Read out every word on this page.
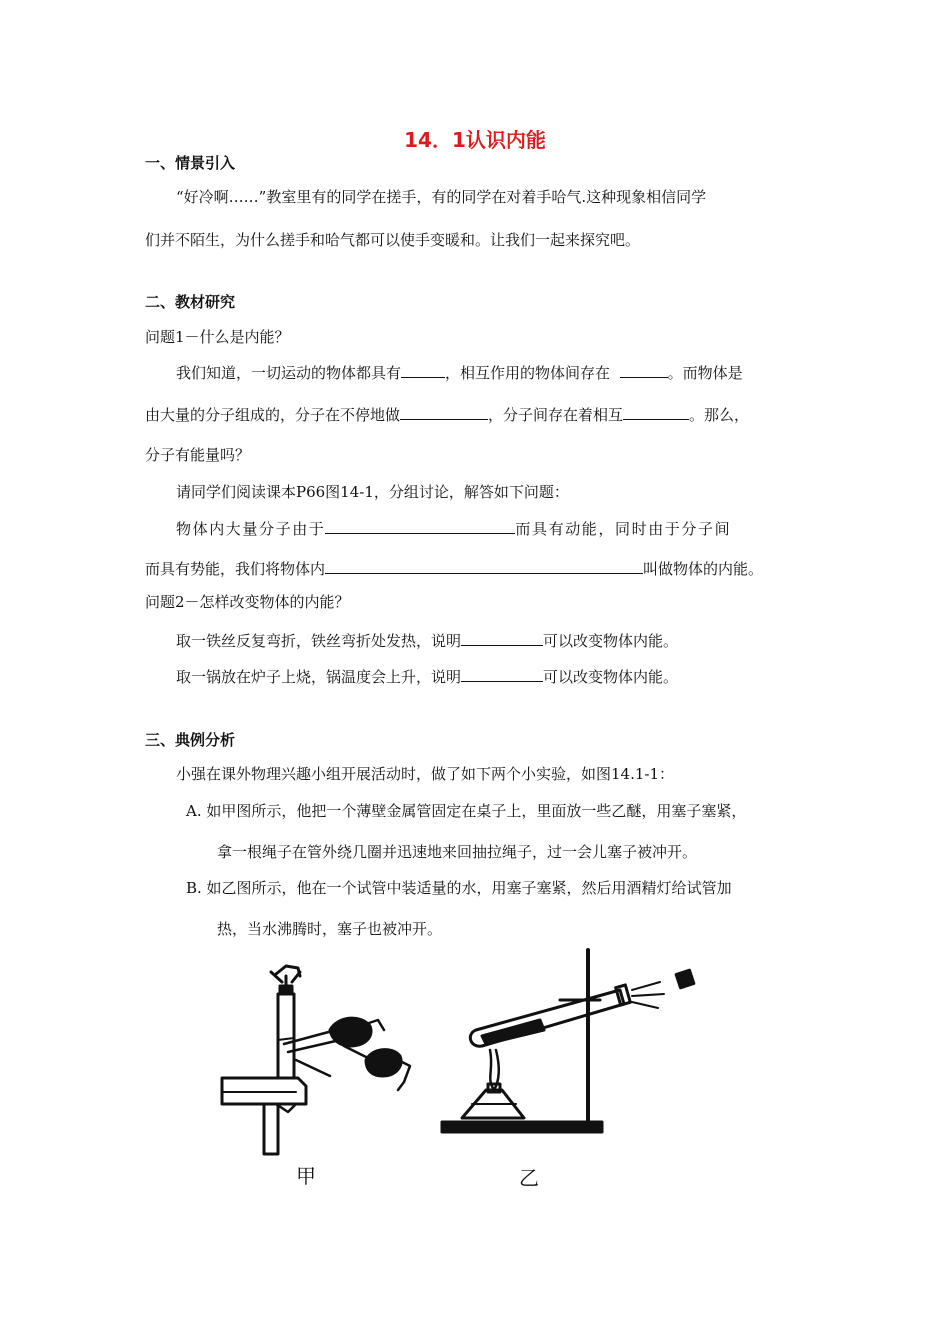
14．1认识内能
一、情景引入
“好冷啊……”教室里有的同学在搓手，有的同学在对着手哈气.这种现象相信同学
们并不陌生，为什么搓手和哈气都可以使手变暖和。让我们一起来探究吧。
二、教材研究
问题1－什么是内能？
我们知道，一切运动的物体都具有	，相互作用的物体间存在	。而物体是
由大量的分子组成的，分子在不停地做	，分子间存在着相互	。那么，
分子有能量吗？
请同学们阅读课本P66图14-1，分组讨论，解答如下问题：
物体内大量分子由于	而具有动能，同时由于分子间
而具有势能，我们将物体内	叫做物体的内能。
问题2－怎样改变物体的内能？
取一铁丝反复弯折，铁丝弯折处发热，说明	可以改变物体内能。
取一锅放在炉子上烧，锅温度会上升，说明	可以改变物体内能。
三、典例分析
小强在课外物理兴趣小组开展活动时，做了如下两个小实验，如图14.1-1：
A. 如甲图所示，他把一个薄壁金属管固定在桌子上，里面放一些乙醚，用塞子塞紧，
拿一根绳子在管外绕几圈并迅速地来回抽拉绳子，过一会儿塞子被冲开。
B. 如乙图所示，他在一个试管中装适量的水，用塞子塞紧，然后用酒精灯给试管加
热，当水沸腾时，塞子也被冲开。
甲	乙
